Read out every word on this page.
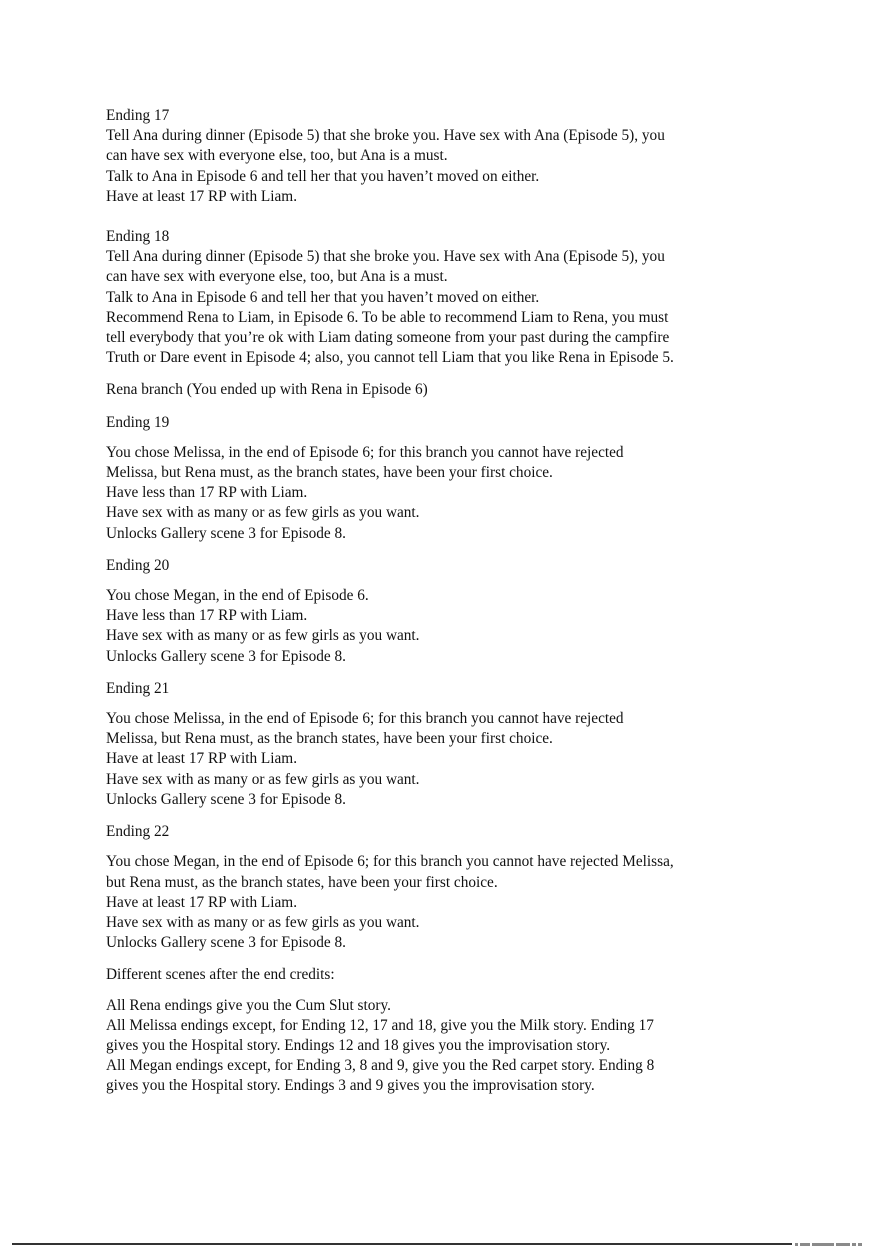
Ending 17
Tell Ana during dinner (Episode 5) that she broke you. Have sex with Ana (Episode 5), you
can have sex with everyone else, too, but Ana is a must.
Talk to Ana in Episode 6 and tell her that you haven’t moved on either.
Have at least 17 RP with Liam.
Ending 18
Tell Ana during dinner (Episode 5) that she broke you. Have sex with Ana (Episode 5), you
can have sex with everyone else, too, but Ana is a must.
Talk to Ana in Episode 6 and tell her that you haven’t moved on either.
Recommend Rena to Liam, in Episode 6. To be able to recommend Liam to Rena, you must
tell everybody that you’re ok with Liam dating someone from your past during the campfire
Truth or Dare event in Episode 4; also, you cannot tell Liam that you like Rena in Episode 5.
Rena branch (You ended up with Rena in Episode 6)
Ending 19
You chose Melissa, in the end of Episode 6; for this branch you cannot have rejected
Melissa, but Rena must, as the branch states, have been your first choice.
Have less than 17 RP with Liam.
Have sex with as many or as few girls as you want.
Unlocks Gallery scene 3 for Episode 8.
Ending 20
You chose Megan, in the end of Episode 6.
Have less than 17 RP with Liam.
Have sex with as many or as few girls as you want.
Unlocks Gallery scene 3 for Episode 8.
Ending 21
You chose Melissa, in the end of Episode 6; for this branch you cannot have rejected
Melissa, but Rena must, as the branch states, have been your first choice.
Have at least 17 RP with Liam.
Have sex with as many or as few girls as you want.
Unlocks Gallery scene 3 for Episode 8.
Ending 22
You chose Megan, in the end of Episode 6; for this branch you cannot have rejected Melissa,
but Rena must, as the branch states, have been your first choice.
Have at least 17 RP with Liam.
Have sex with as many or as few girls as you want.
Unlocks Gallery scene 3 for Episode 8.
Different scenes after the end credits:
All Rena endings give you the Cum Slut story.
All Melissa endings except, for Ending 12, 17 and 18, give you the Milk story. Ending 17
gives you the Hospital story. Endings 12 and 18 gives you the improvisation story.
All Megan endings except, for Ending 3, 8 and 9, give you the Red carpet story. Ending 8
gives you the Hospital story. Endings 3 and 9 gives you the improvisation story.
